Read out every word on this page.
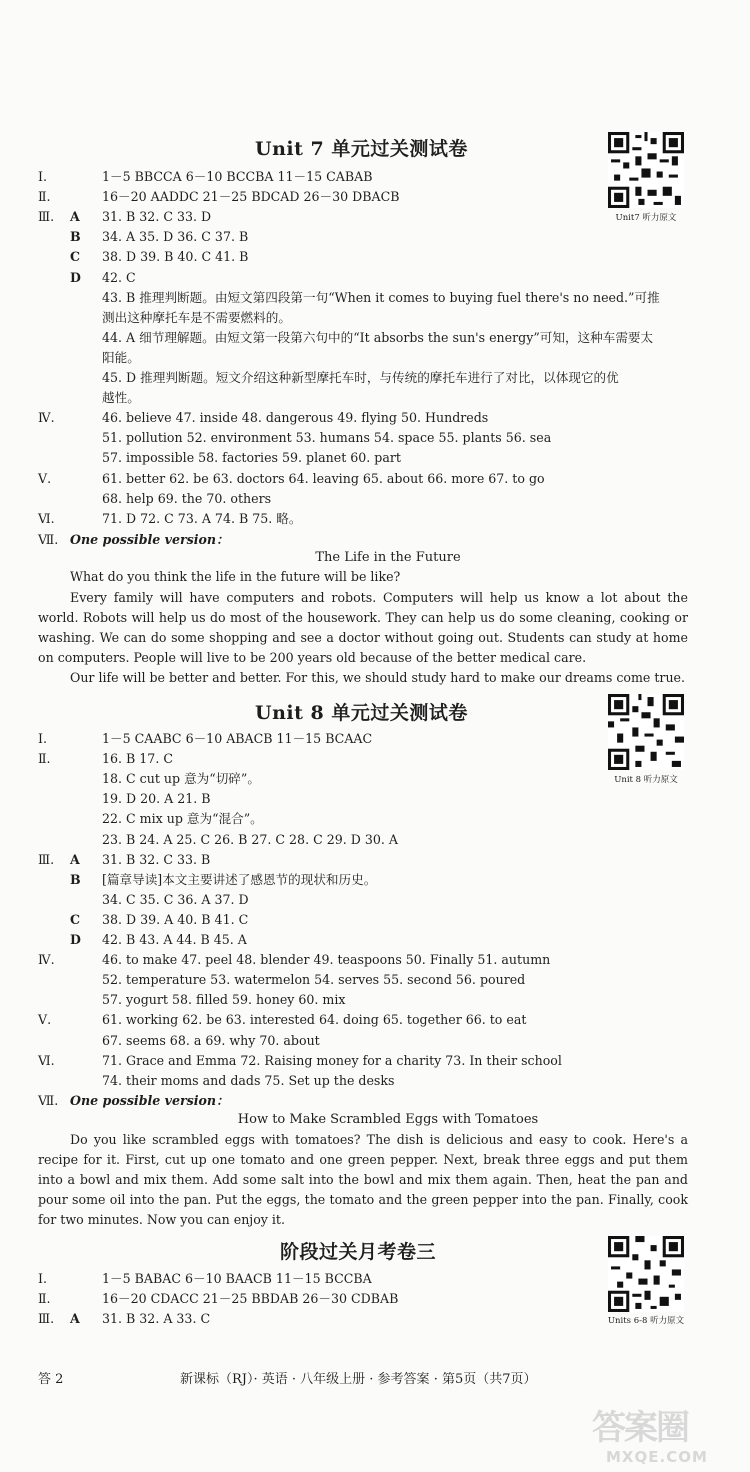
Unit 7 单元过关测试卷
Unit7 听力原文
Ⅰ.	1－5 BBCCA 6－10 BCCBA 11－15 CABAB
Ⅱ.	16－20 AADDC 21－25 BDCAD 26－30 DBACB
Ⅲ. A 31. B 32. C 33. D
B 34. A 35. D 36. C 37. B
C 38. D 39. B 40. C 41. B
D 42. C
43. B 推理判断题。由短文第四段第一句“When it comes to buying fuel there's no need.”可推
测出这种摩托车是不需要燃料的。
44. A 细节理解题。由短文第一段第六句中的“It absorbs the sun's energy”可知，这种车需要太
阳能。
45. D 推理判断题。短文介绍这种新型摩托车时，与传统的摩托车进行了对比，以体现它的优
越性。
Ⅳ.	46. believe 47. inside 48. dangerous 49. flying 50. Hundreds
51. pollution 52. environment 53. humans 54. space 55. plants 56. sea
57. impossible 58. factories 59. planet 60. part
Ⅴ.	61. better 62. be 63. doctors 64. leaving 65. about 66. more 67. to go
68. help 69. the 70. others
Ⅵ.	71. D 72. C 73. A 74. B 75. 略。
Ⅶ. One possible version：
The Life in the Future
What do you think the life in the future will be like?
Every family will have computers and robots. Computers will help us know a lot about the world. Robots will help us do most of the housework. They can help us do some cleaning, cooking or washing. We can do some shopping and see a doctor without going out. Students can study at home on computers. People will live to be 200 years old because of the better medical care.
Our life will be better and better. For this, we should study hard to make our dreams come true.
Unit 8 单元过关测试卷
Unit 8 听力原文
Ⅰ.	1－5 CAABC 6－10 ABACB 11－15 BCAAC
Ⅱ.	16. B 17. C
18. C cut up 意为“切碎”。
19. D 20. A 21. B
22. C mix up 意为“混合”。
23. B 24. A 25. C 26. B 27. C 28. C 29. D 30. A
Ⅲ. A 31. B 32. C 33. B
B [篇章导读]本文主要讲述了感恩节的现状和历史。
34. C 35. C 36. A 37. D
C 38. D 39. A 40. B 41. C
D 42. B 43. A 44. B 45. A
Ⅳ.	46. to make 47. peel 48. blender 49. teaspoons 50. Finally 51. autumn
52. temperature 53. watermelon 54. serves 55. second 56. poured
57. yogurt 58. filled 59. honey 60. mix
Ⅴ.	61. working 62. be 63. interested 64. doing 65. together 66. to eat
67. seems 68. a 69. why 70. about
Ⅵ.	71. Grace and Emma 72. Raising money for a charity 73. In their school
74. their moms and dads 75. Set up the desks
Ⅶ. One possible version：
How to Make Scrambled Eggs with Tomatoes
Do you like scrambled eggs with tomatoes? The dish is delicious and easy to cook. Here's a recipe for it. First, cut up one tomato and one green pepper. Next, break three eggs and put them into a bowl and mix them. Add some salt into the bowl and mix them again. Then, heat the pan and pour some oil into the pan. Put the eggs, the tomato and the green pepper into the pan. Finally, cook for two minutes. Now you can enjoy it.
阶段过关月考卷三
Units 6-8 听力原文
Ⅰ.	1－5 BABAC 6－10 BAACB 11－15 BCCBA
Ⅱ.	16－20 CDACC 21－25 BBDAB 26－30 CDBAB
Ⅲ. A 31. B 32. A 33. C
答 2	新课标（RJ）· 英语 · 八年级上册 · 参考答案 · 第5页（共7页）
答案圈
MXQE.COM
